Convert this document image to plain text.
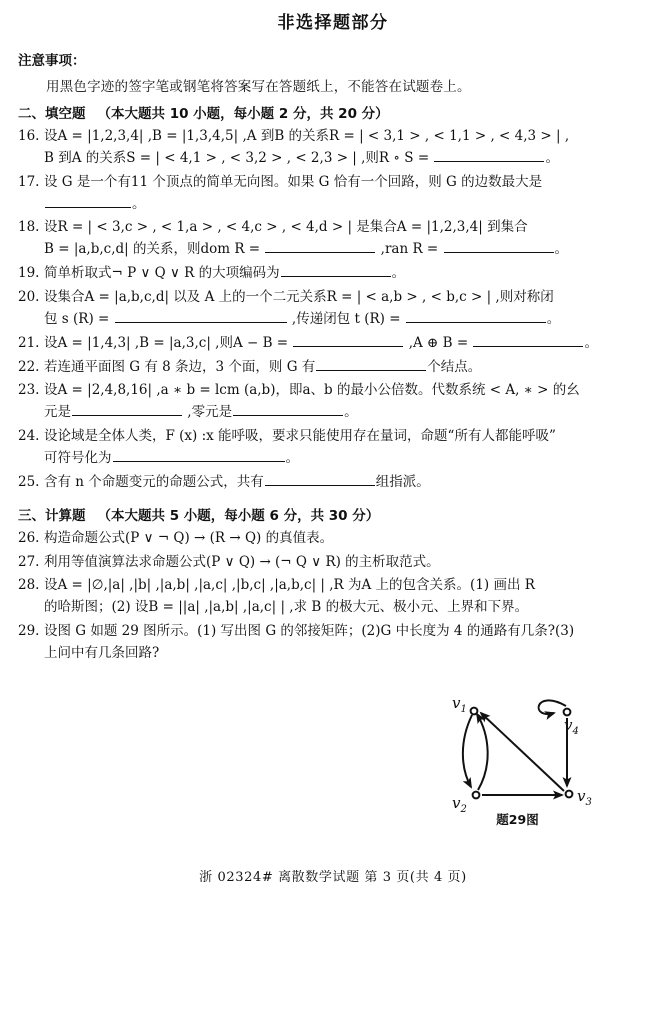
非选择题部分
注意事项：
用黑色字迹的签字笔或钢笔将答案写在答题纸上，不能答在试题卷上。
二、填空题 （本大题共 10 小题，每小题 2 分，共 20 分）
16. 设A = |1,2,3,4| ,B = |1,3,4,5| ,A 到B 的关系R = | < 3,1 > , < 1,1 > , < 4,3 > | ,
B 到A 的关系S = | < 4,1 > , < 3,2 > , < 2,3 > | ,则R ∘ S =	。
17. 设 G 是一个有11 个顶点的简单无向图。如果 G 恰有一个回路，则 G 的边数最大是
。
18. 设R = | < 3,c > , < 1,a > , < 4,c > , < 4,d > | 是集合A = |1,2,3,4| 到集合
B = |a,b,c,d| 的关系，则dom R =	,ran R =	。
19. 简单析取式¬ P ∨ Q ∨ R 的大项编码为	。
20. 设集合A = |a,b,c,d| 以及 A 上的一个二元关系R = | < a,b > , < b,c > | ,则对称闭
包 s (R) =	,传递闭包 t (R) =	。
21. 设A = |1,4,3| ,B = |a,3,c| ,则A − B =	,A ⊕ B =	。
22. 若连通平面图 G 有 8 条边，3 个面，则 G 有	个结点。
23. 设A = |2,4,8,16| ,a ∗ b = lcm (a,b)，即a、b 的最小公倍数。代数系统 < A, ∗ > 的幺
元是	,零元是	。
24. 设论域是全体人类，F (x) :x 能呼吸，要求只能使用存在量词，命题“所有人都能呼吸”
可符号化为	。
25. 含有 n 个命题变元的命题公式，共有	组指派。
三、计算题 （本大题共 5 小题，每小题 6 分，共 30 分）
26. 构造命题公式(P ∨ ¬ Q) → (R → Q) 的真值表。
27. 利用等值演算法求命题公式(P ∨ Q) → (¬ Q ∨ R) 的主析取范式。
28. 设A = |∅,|a| ,|b| ,|a,b| ,|a,c| ,|b,c| ,|a,b,c| | ,R 为A 上的包含关系。(1) 画出 R
的哈斯图；(2) 设B = ||a| ,|a,b| ,|a,c| | ,求 B 的极大元、极小元、上界和下界。
29. 设图 G 如题 29 图所示。(1) 写出图 G 的邻接矩阵；(2)G 中长度为 4 的通路有几条?(3)
上问中有几条回路?
$v_1$
$v_2$
$v_3$
$v_4$
题29图
浙 02324# 离散数学试题 第 3 页(共 4 页)
